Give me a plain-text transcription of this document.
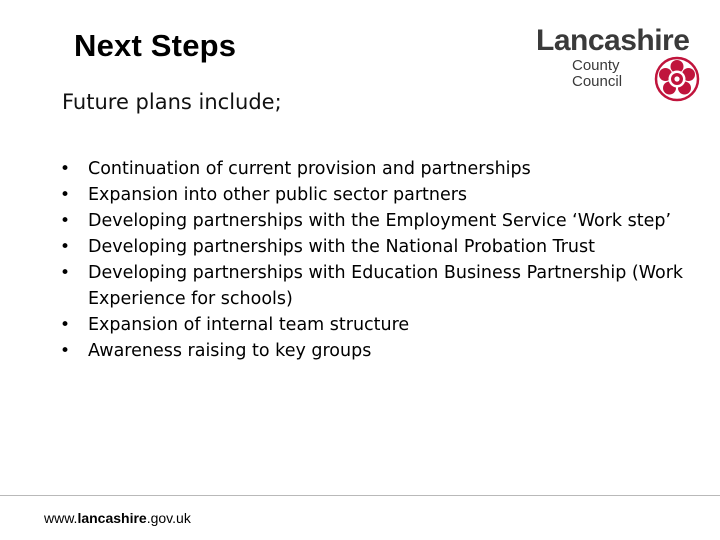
Next Steps	Lancashire
County
Council
Future plans include;
• Continuation of current provision and partnerships
• Expansion into other public sector partners
• Developing partnerships with the Employment Service ‘Work step’
• Developing partnerships with the National Probation Trust
• Developing partnerships with Education Business Partnership (Work Experience for schools)
• Expansion of internal team structure
• Awareness raising to key groups
www.lancashire.gov.uk
